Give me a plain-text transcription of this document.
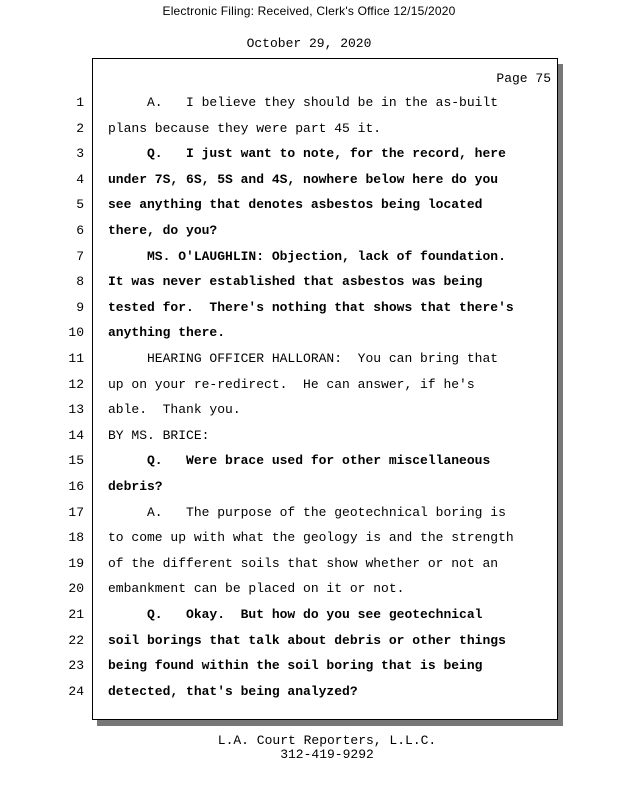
Electronic Filing: Received, Clerk's Office 12/15/2020
October 29, 2020
Page 75
1 A.   I believe they should be in the as-built
2 plans because they were part 45 it.
3 Q.   I just want to note, for the record, here
4 under 7S, 6S, 5S and 4S, nowhere below here do you
5 see anything that denotes asbestos being located
6 there, do you?
7 MS. O'LAUGHLIN: Objection, lack of foundation.
8 It was never established that asbestos was being
9 tested for.  There's nothing that shows that there's
10 anything there.
11 HEARING OFFICER HALLORAN:  You can bring that
12 up on your re-redirect.  He can answer, if he's
13 able.  Thank you.
14 BY MS. BRICE:
15 Q.   Were brace used for other miscellaneous
16 debris?
17 A.   The purpose of the geotechnical boring is
18 to come up with what the geology is and the strength
19 of the different soils that show whether or not an
20 embankment can be placed on it or not.
21 Q.   Okay.  But how do you see geotechnical
22 soil borings that talk about debris or other things
23 being found within the soil boring that is being
24 detected, that's being analyzed?
L.A. Court Reporters, L.L.C.
312-419-9292
